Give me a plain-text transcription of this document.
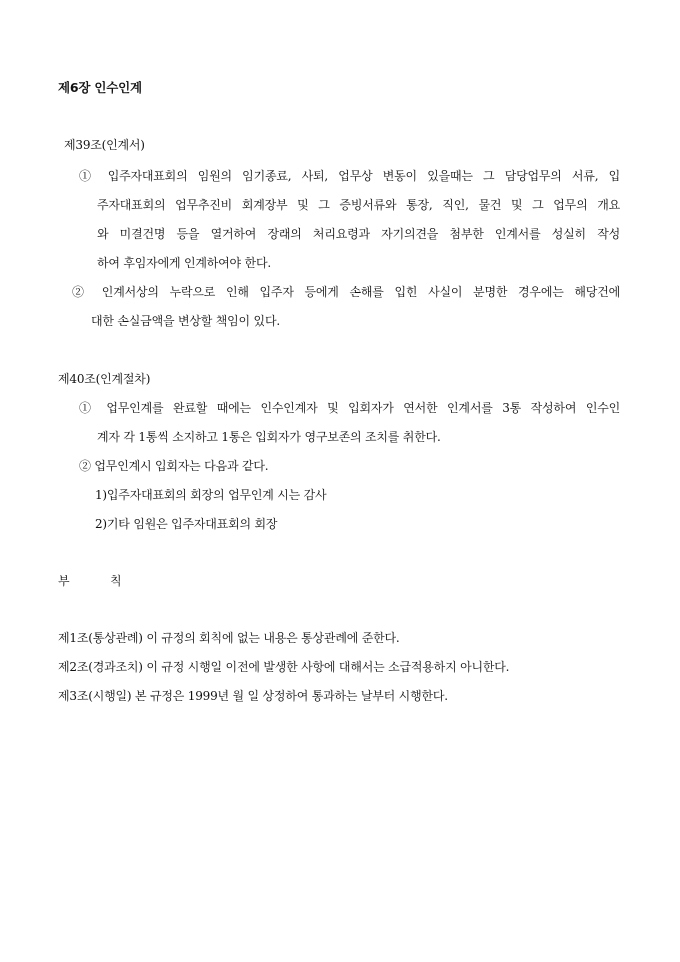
제6장 인수인계
제39조(인계서)
① 입주자대표회의 임원의 임기종료, 사퇴, 업무상 변동이 있을때는 그 담당업무의 서류, 입
주자대표회의 업무추진비 회계장부 및 그 증빙서류와 통장, 직인, 물건 및 그 업무의 개요
와 미결건명 등을 열거하여 장래의 처리요령과 자기의견을 첨부한 인계서를 성실히 작성
하여 후임자에게 인계하여야 한다.
② 인계서상의 누락으로 인해 입주자 등에게 손해를 입힌 사실이 분명한 경우에는 해당건에
대한 손실금액을 변상할 책임이 있다.
제40조(인계절차)
① 업무인계를 완료할 때에는 인수인계자 및 입회자가 연서한 인계서를 3통 작성하여 인수인
계자 각 1통씩 소지하고 1통은 입회자가 영구보존의 조치를 취한다.
② 업무인계시 입회자는 다음과 같다.
1)입주자대표회의 회장의 업무인계 시는 감사
2)기타 임원은 입주자대표회의 회장
부	칙
제1조(통상관례) 이 규정의 회칙에 없는 내용은 통상관례에 준한다.
제2조(경과조치) 이 규정 시행일 이전에 발생한 사항에 대해서는 소급적용하지 아니한다.
제3조(시행일) 본 규정은 1999년 월 일 상정하여 통과하는 날부터 시행한다.
